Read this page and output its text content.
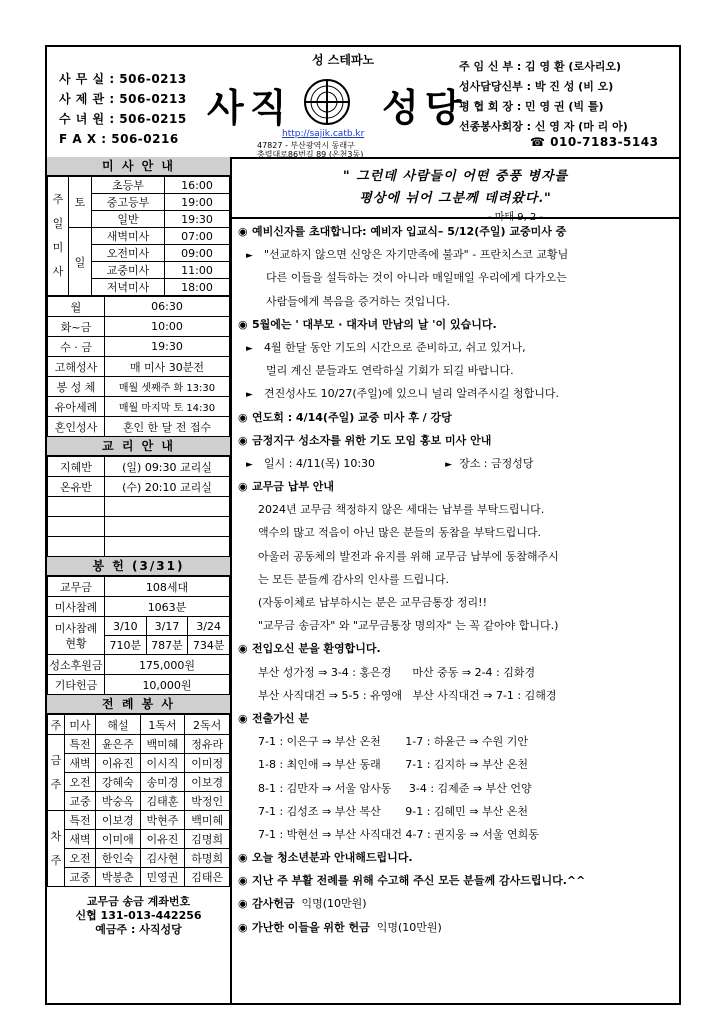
사 무 실 : 506-0213
사 제 관 : 506-0213
수 녀 원 : 506-0215
F A X : 506-0216
성 스테파노
사직 성당
http://sajik.catb.kr
47827 - 부산광역시 동래구
충렬대로86번길 89 (온천3동)
주 임 신 부 : 김 영 환 (로사리오)
성사담당신부 : 박 진 성 (비 오)
평 협 회 장 : 민 영 권 (빅 틀)
선종봉사회장 : 신 영 자 (마 리 아)
☎ 010-7183-5143
미 사 안 내
주
일
미
사	토	초등부	16:00
		중고등부	19:00
		일반	19:30
	일	새벽미사	07:00
		오전미사	09:00
		교중미사	11:00
		저녁미사	18:00
월	06:30
화~금	10:00
수 · 금	19:30
고해성사	매 미사 30분전
봉 성 체	매월 셋째주 화 13:30
유아세례	매월 마지막 토 14:30
혼인성사	혼인 한 달 전 접수
교 리 안 내
지혜반	(일) 09:30 교리실
온유반	(수) 20:10 교리실

봉 헌 (3/31)
교무금	108세대		
미사참례	1063분		
미사참례
현황	3/10	3/17	3/24
	710분	787분	734분
성소후원금	175,000원		
기타헌금	10,000원		
전 례 봉 사
주	미사	해설	1독서	2독서
금
주	특전	윤은주	백미혜	정유라
	새벽	이유진	이시직	이미정
	오전	강혜숙	송미경	이보경
	교중	박숭옥	김태훈	박정인
차
주	특전	이보경	박현주	백미혜
	새벽	이미애	이유진	김명희
	오전	한인숙	김사현	하명희
	교중	박봉춘	민영권	김태은
교무금 송금 계좌번호
신협 131-013-442256
예금주 : 사직성당
" 그런데 사람들이 어떤 중풍 병자를
평상에 뉘어 그분께 데려왔다."
- 마태 9, 2 -
◉ 예비신자를 초대합니다: 예비자 입교식– 5/12(주일) 교중미사 중
► "선교하지 않으면 신앙은 자기만족에 불과" - 프란치스코 교황님
다른 이들을 설득하는 것이 아니라 매일매일 우리에게 다가오는
사람들에게 복음을 증거하는 것입니다.
◉ 5월에는 ' 대부모 · 대자녀 만남의 날 '이 있습니다.
► 4월 한달 동안 기도의 시간으로 준비하고, 쉬고 있거나,
멀리 계신 분들과도 연락하실 기회가 되길 바랍니다.
► 견진성사도 10/27(주일)에 있으니 널리 알려주시길 청합니다.
◉ 연도회 : 4/14(주일) 교중 미사 후 / 강당
◉ 금정지구 성소자를 위한 기도 모임 홍보 미사 안내
► 일시 : 4/11(목) 10:30	► 장소 : 금정성당
◉ 교무금 납부 안내
2024년 교무금 책정하지 않은 세대는 납부를 부탁드립니다.
액수의 많고 적음이 아닌 많은 분들의 동참을 부탁드립니다.
아울러 공동체의 발전과 유지를 위해 교무금 납부에 동참해주시
는 모든 분들께 감사의 인사를 드립니다.
(자동이체로 납부하시는 분은 교무금통장 정리!!
"교무금 송금자" 와 "교무금통장 명의자" 는 꼭 같아야 합니다.)
◉ 전입오신 분을 환영합니다.
부산 성가정 ⇒ 3-4 : 홍은경      마산 중동 ⇒ 2-4 : 김화경
부산 사직대건 ⇒ 5-5 : 유영애   부산 사직대건 ⇒ 7-1 : 김해경
◉ 전출가신 분
7-1 : 이은구 ⇒ 부산 온천       1-7 : 하윤근 ⇒ 수원 기안
1-8 : 최인애 ⇒ 부산 동래       7-1 : 김지하 ⇒ 부산 온천
8-1 : 김만자 ⇒ 서울 암사동     3-4 : 김제준 ⇒ 부산 언양
7-1 : 김성조 ⇒ 부산 복산       9-1 : 김혜민 ⇒ 부산 온천
7-1 : 박현선 ⇒ 부산 사직대건 4-7 : 권지웅 ⇒ 서울 연희동
◉ 오늘 청소년분과 안내해드립니다.
◉ 지난 주 부활 전례를 위해 수고해 주신 모든 분들께 감사드립니다.^^
◉ 감사헌금 익명(10만원)
◉ 가난한 이들을 위한 헌금 익명(10만원)
